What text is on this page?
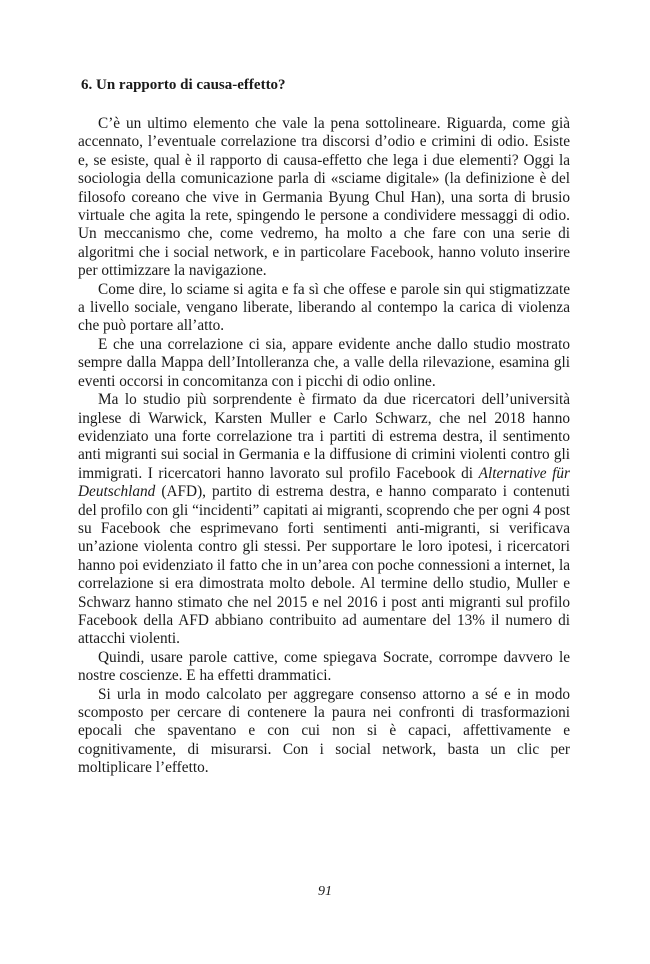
6. Un rapporto di causa-effetto?

C’è un ultimo elemento che vale la pena sottolineare. Riguarda, come già accennato, l’eventuale correlazione tra discorsi d’odio e crimini di odio. Esiste e, se esiste, qual è il rapporto di causa-effetto che lega i due elementi? Oggi la sociologia della comunicazione parla di «sciame digitale» (la definizione è del filosofo coreano che vive in Germania Byung Chul Han), una sorta di brusio virtuale che agita la rete, spingendo le persone a condividere messaggi di odio. Un meccanismo che, come vedremo, ha molto a che fare con una serie di algoritmi che i social network, e in particolare Facebook, hanno voluto inserire per ottimizzare la navigazione.

Come dire, lo sciame si agita e fa sì che offese e parole sin qui stigmatizzate a livello sociale, vengano liberate, liberando al contempo la carica di violenza che può portare all’atto.

E che una correlazione ci sia, appare evidente anche dallo studio mostrato sempre dalla Mappa dell’Intolleranza che, a valle della rilevazione, esamina gli eventi occorsi in concomitanza con i picchi di odio online.

Ma lo studio più sorprendente è firmato da due ricercatori dell’università inglese di Warwick, Karsten Muller e Carlo Schwarz, che nel 2018 hanno evidenziato una forte correlazione tra i partiti di estrema destra, il sentimento anti migranti sui social in Germania e la diffusione di crimini violenti contro gli immigrati. I ricercatori hanno lavorato sul profilo Facebook di Alternative für Deutschland (AFD), partito di estrema destra, e hanno comparato i contenuti del profilo con gli “incidenti” capitati ai migranti, scoprendo che per ogni 4 post su Facebook che esprimevano forti sentimenti anti-migranti, si verificava un’azione violenta contro gli stessi. Per supportare le loro ipotesi, i ricercatori hanno poi evidenziato il fatto che in un’area con poche connessioni a internet, la correlazione si era dimostrata molto debole. Al termine dello studio, Muller e Schwarz hanno stimato che nel 2015 e nel 2016 i post anti migranti sul profilo Facebook della AFD abbiano contribuito ad aumentare del 13% il numero di attacchi violenti.

Quindi, usare parole cattive, come spiegava Socrate, corrompe davvero le nostre coscienze. E ha effetti drammatici.

Si urla in modo calcolato per aggregare consenso attorno a sé e in modo scomposto per cercare di contenere la paura nei confronti di trasformazioni epocali che spaventano e con cui non si è capaci, affettivamente e cognitivamente, di misurarsi. Con i social network, basta un clic per moltiplicare l’effetto.

91
